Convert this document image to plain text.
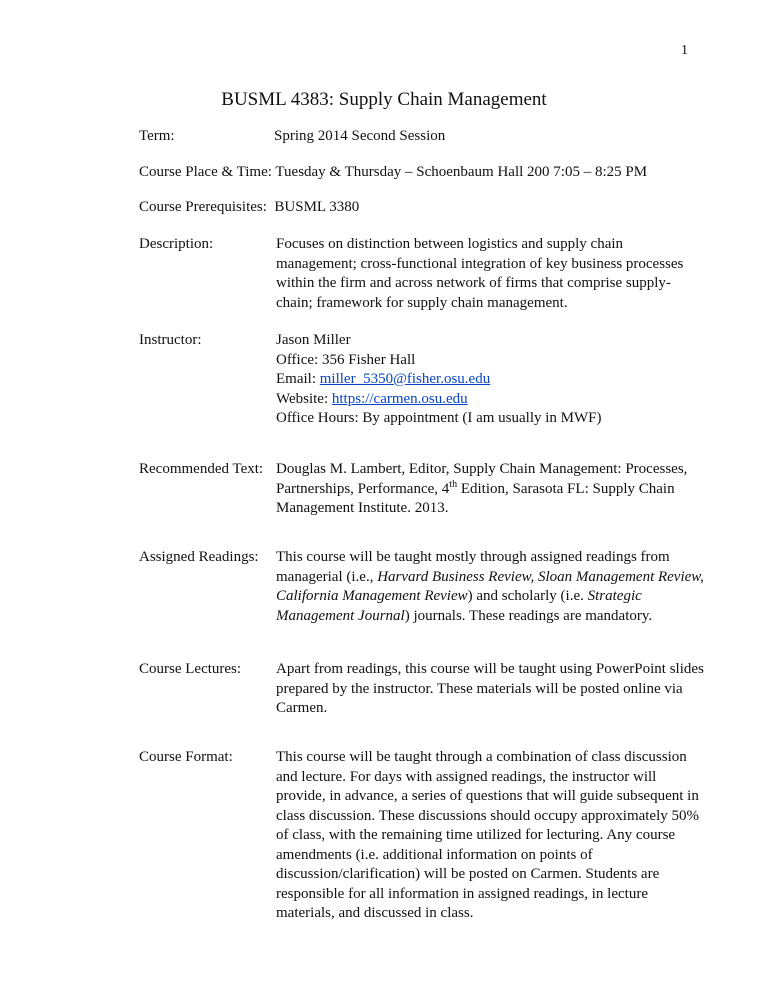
1
BUSML 4383: Supply Chain Management
Term:	Spring 2014 Second Session
Course Place & Time: Tuesday & Thursday – Schoenbaum Hall 200 7:05 – 8:25 PM
Course Prerequisites:  BUSML 3380
Description:	Focuses on distinction between logistics and supply chain management; cross-functional integration of key business processes within the firm and across network of firms that comprise supply-chain; framework for supply chain management.
Instructor:	Jason Miller
Office: 356 Fisher Hall
Email: miller_5350@fisher.osu.edu
Website: https://carmen.osu.edu
Office Hours: By appointment (I am usually in MWF)
Recommended Text: Douglas M. Lambert, Editor, Supply Chain Management: Processes, Partnerships, Performance, 4th Edition, Sarasota FL: Supply Chain Management Institute. 2013.
Assigned Readings: This course will be taught mostly through assigned readings from managerial (i.e., Harvard Business Review, Sloan Management Review, California Management Review) and scholarly (i.e. Strategic Management Journal) journals. These readings are mandatory.
Course Lectures: Apart from readings, this course will be taught using PowerPoint slides prepared by the instructor. These materials will be posted online via Carmen.
Course Format:	This course will be taught through a combination of class discussion and lecture. For days with assigned readings, the instructor will provide, in advance, a series of questions that will guide subsequent in class discussion. These discussions should occupy approximately 50% of class, with the remaining time utilized for lecturing. Any course amendments (i.e. additional information on points of discussion/clarification) will be posted on Carmen. Students are responsible for all information in assigned readings, in lecture materials, and discussed in class.
